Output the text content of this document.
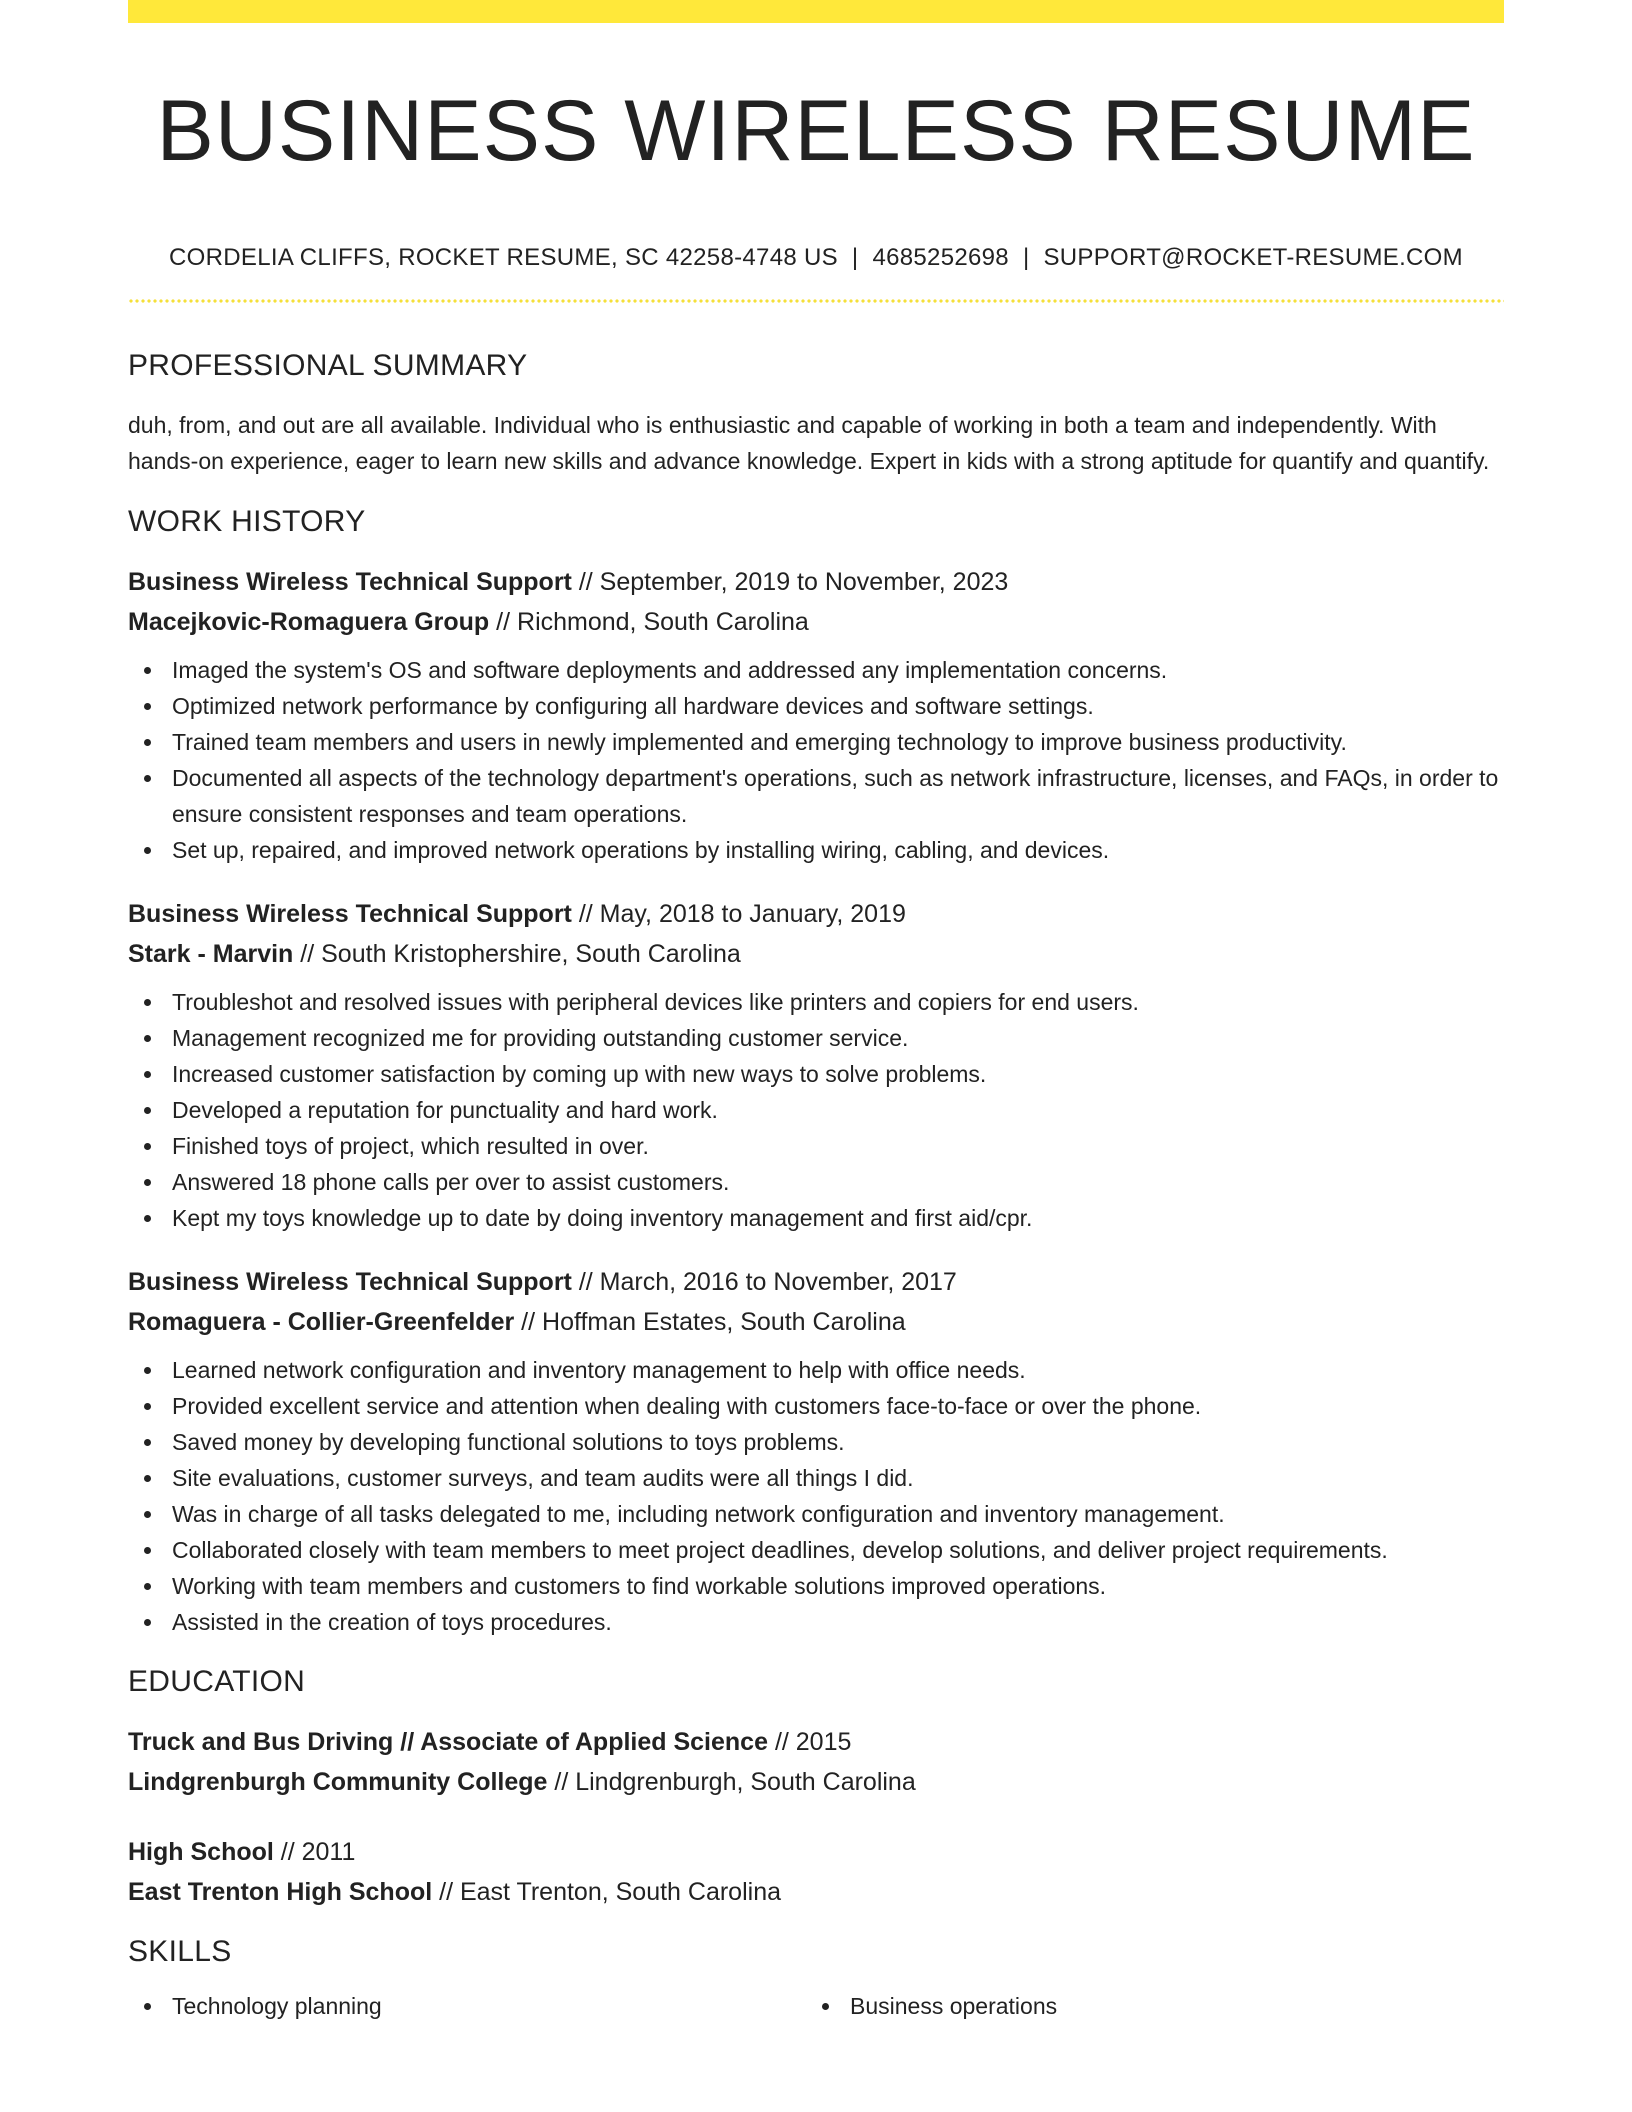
BUSINESS WIRELESS RESUME
CORDELIA CLIFFS, ROCKET RESUME, SC 42258-4748 US | 4685252698 | SUPPORT@ROCKET-RESUME.COM
PROFESSIONAL SUMMARY

duh, from, and out are all available. Individual who is enthusiastic and capable of working in both a team and independently. With hands-on experience, eager to learn new skills and advance knowledge. Expert in kids with a strong aptitude for quantify and quantify.

WORK HISTORY
Business Wireless Technical Support // September, 2019 to November, 2023
Macejkovic-Romaguera Group // Richmond, South Carolina
Imaged the system's OS and software deployments and addressed any implementation concerns.
Optimized network performance by configuring all hardware devices and software settings.
Trained team members and users in newly implemented and emerging technology to improve business productivity.
Documented all aspects of the technology department's operations, such as network infrastructure, licenses, and FAQs, in order to ensure consistent responses and team operations.
Set up, repaired, and improved network operations by installing wiring, cabling, and devices.
Business Wireless Technical Support // May, 2018 to January, 2019
Stark - Marvin // South Kristophershire, South Carolina
Troubleshot and resolved issues with peripheral devices like printers and copiers for end users.
Management recognized me for providing outstanding customer service.
Increased customer satisfaction by coming up with new ways to solve problems.
Developed a reputation for punctuality and hard work.
Finished toys of project, which resulted in over.
Answered 18 phone calls per over to assist customers.
Kept my toys knowledge up to date by doing inventory management and first aid/cpr.
Business Wireless Technical Support // March, 2016 to November, 2017
Romaguera - Collier-Greenfelder // Hoffman Estates, South Carolina
Learned network configuration and inventory management to help with office needs.
Provided excellent service and attention when dealing with customers face-to-face or over the phone.
Saved money by developing functional solutions to toys problems.
Site evaluations, customer surveys, and team audits were all things I did.
Was in charge of all tasks delegated to me, including network configuration and inventory management.
Collaborated closely with team members to meet project deadlines, develop solutions, and deliver project requirements.
Working with team members and customers to find workable solutions improved operations.
Assisted in the creation of toys procedures.
EDUCATION
Truck and Bus Driving // Associate of Applied Science // 2015
Lindgrenburgh Community College // Lindgrenburgh, South Carolina
High School // 2011
East Trenton High School // East Trenton, South Carolina
SKILLS
Technology planning	Business operations
